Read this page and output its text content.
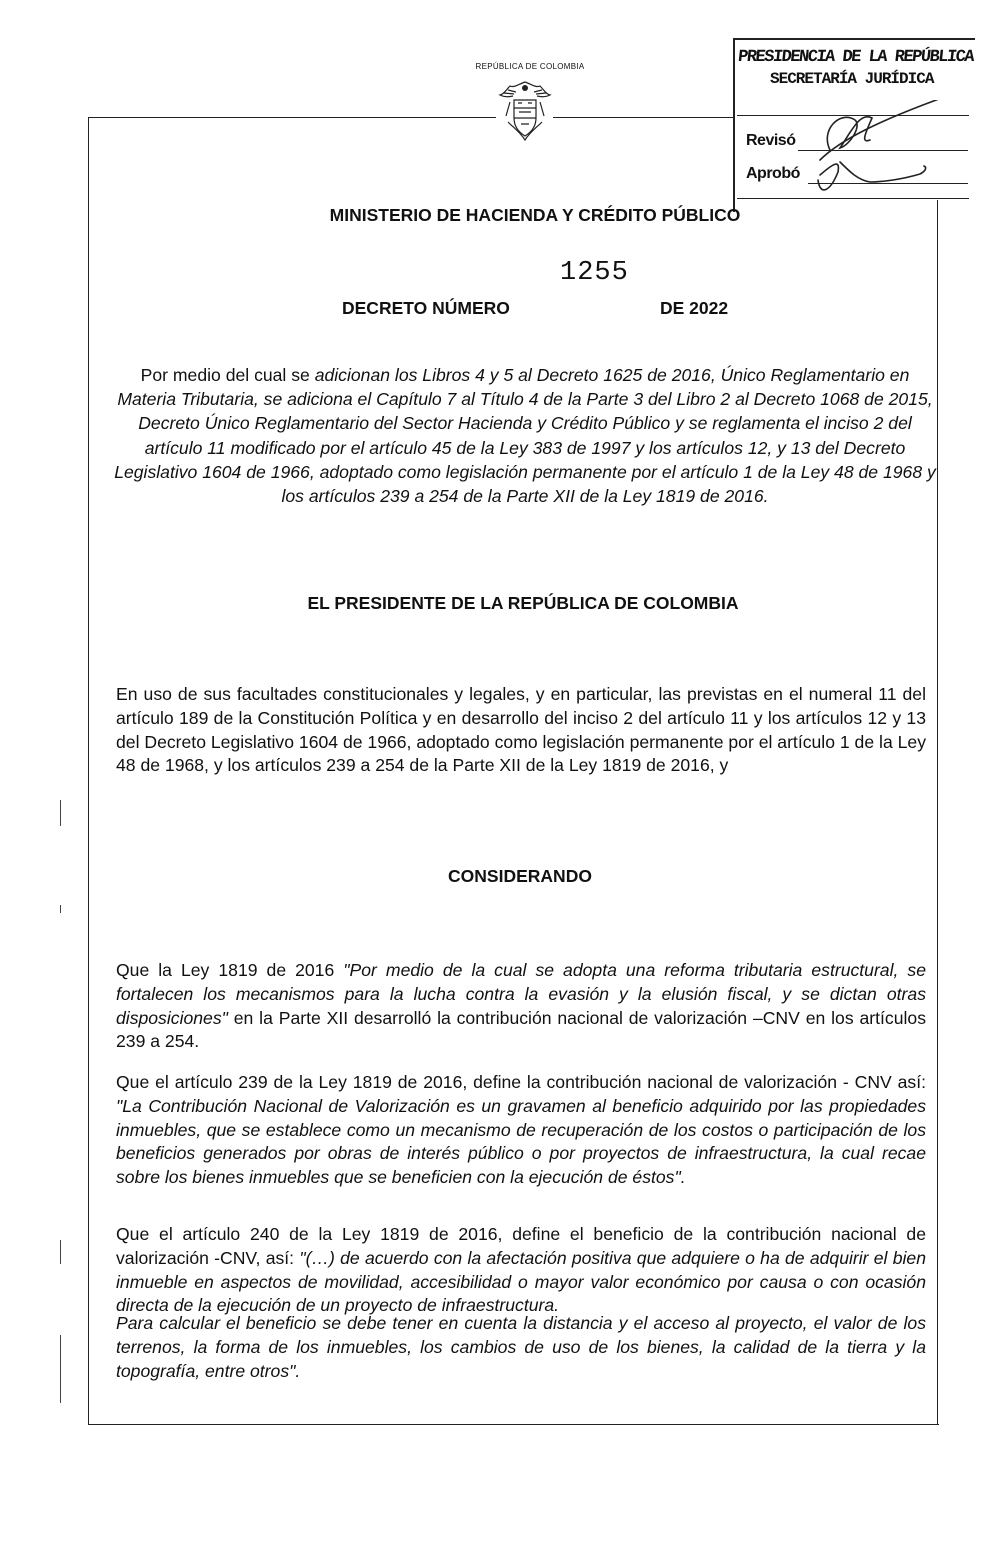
REPÚBLICA DE COLOMBIA	PRESIDENCIA DE LA REPÚBLICA
SECRETARÍA JURÍDICA
Revisó
Aprobó
MINISTERIO DE HACIENDA Y CRÉDITO PÚBLICO
1255
DECRETO NÚMERO	DE 2022
Por medio del cual se adicionan los Libros 4 y 5 al Decreto 1625 de 2016, Único Reglamentario en Materia Tributaria, se adiciona el Capítulo 7 al Título 4 de la Parte 3 del Libro 2 al Decreto 1068 de 2015, Decreto Único Reglamentario del Sector Hacienda y Crédito Público y se reglamenta el inciso 2 del artículo 11 modificado por el artículo 45 de la Ley 383 de 1997 y los artículos 12, y 13 del Decreto Legislativo 1604 de 1966, adoptado como legislación permanente por el artículo 1 de la Ley 48 de 1968 y los artículos 239 a 254 de la Parte XII de la Ley 1819 de 2016.
EL PRESIDENTE DE LA REPÚBLICA DE COLOMBIA
En uso de sus facultades constitucionales y legales, y en particular, las previstas en el numeral 11 del artículo 189 de la Constitución Política y en desarrollo del inciso 2 del artículo 11 y los artículos 12 y 13 del Decreto Legislativo 1604 de 1966, adoptado como legislación permanente por el artículo 1 de la Ley 48 de 1968, y los artículos 239 a 254 de la Parte XII de la Ley 1819 de 2016, y
CONSIDERANDO
Que la Ley 1819 de 2016 "Por medio de la cual se adopta una reforma tributaria estructural, se fortalecen los mecanismos para la lucha contra la evasión y la elusión fiscal, y se dictan otras disposiciones" en la Parte XII desarrolló la contribución nacional de valorización –CNV en los artículos 239 a 254.
Que el artículo 239 de la Ley 1819 de 2016, define la contribución nacional de valorización - CNV así: "La Contribución Nacional de Valorización es un gravamen al beneficio adquirido por las propiedades inmuebles, que se establece como un mecanismo de recuperación de los costos o participación de los beneficios generados por obras de interés público o por proyectos de infraestructura, la cual recae sobre los bienes inmuebles que se beneficien con la ejecución de éstos".
Que el artículo 240 de la Ley 1819 de 2016, define el beneficio de la contribución nacional de valorización -CNV, así: "(…) de acuerdo con la afectación positiva que adquiere o ha de adquirir el bien inmueble en aspectos de movilidad, accesibilidad o mayor valor económico por causa o con ocasión directa de la ejecución de un proyecto de infraestructura.
Para calcular el beneficio se debe tener en cuenta la distancia y el acceso al proyecto, el valor de los terrenos, la forma de los inmuebles, los cambios de uso de los bienes, la calidad de la tierra y la topografía, entre otros".
